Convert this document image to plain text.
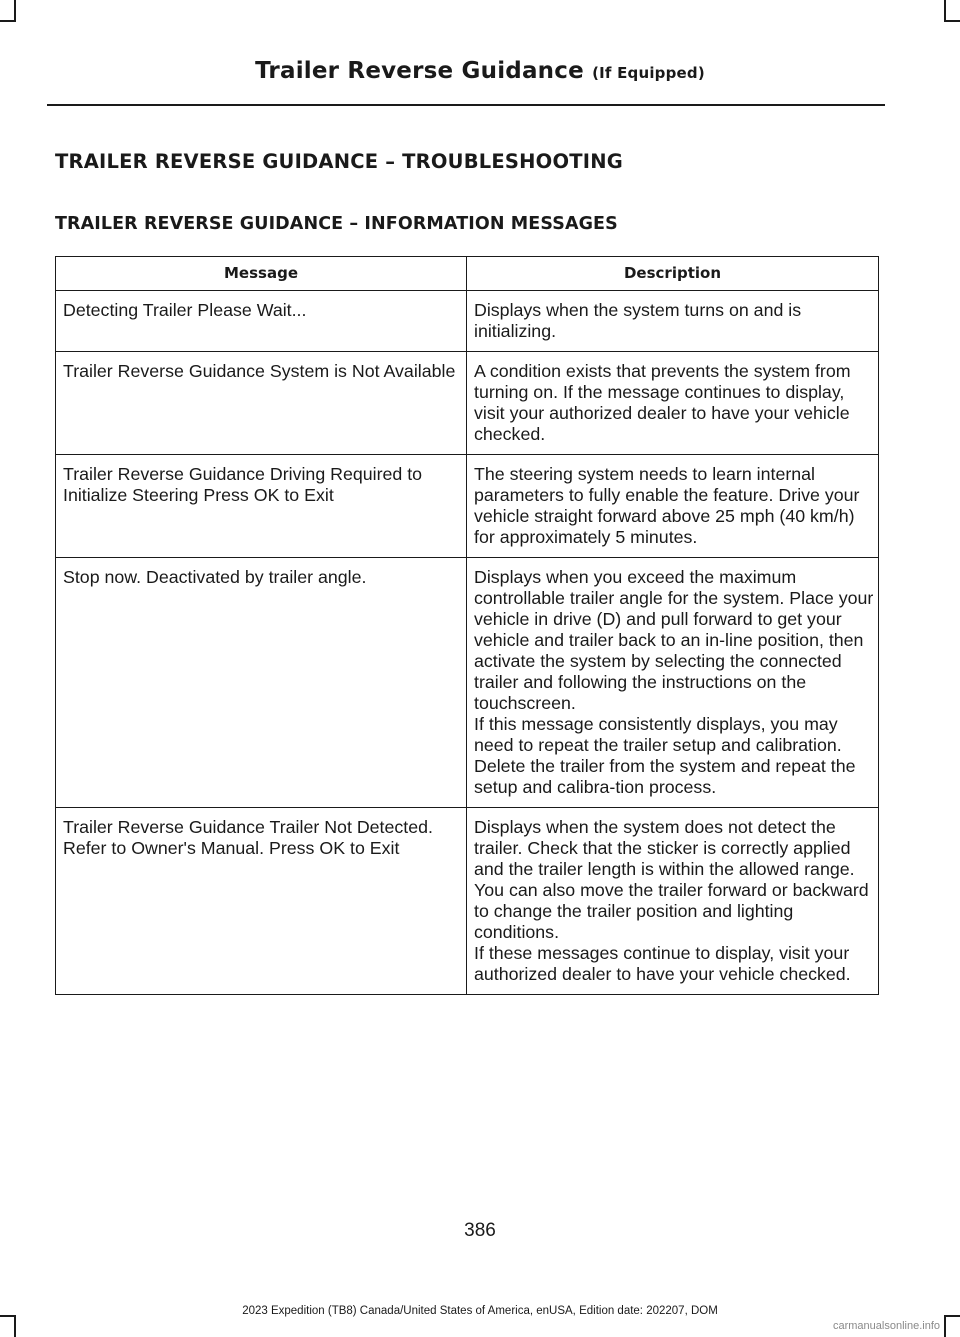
Trailer Reverse Guidance (If Equipped)
TRAILER REVERSE GUIDANCE – TROUBLESHOOTING
TRAILER REVERSE GUIDANCE – INFORMATION MESSAGES
Message	Description
Detecting Trailer Please Wait...	Displays when the system turns on and is initializing.

Trailer Reverse Guidance System is Not Available	A condition exists that prevents the system from turning on. If the message continues to display, visit your authorized dealer to have your vehicle checked.

Trailer Reverse Guidance Driving Required to Initialize Steering Press OK to Exit	The steering system needs to learn internal parameters to fully enable the feature. Drive your vehicle straight forward above 25 mph (40 km/h) for approximately 5 minutes.

Stop now. Deactivated by trailer angle.	Displays when you exceed the maximum controllable trailer angle for the system. Place your vehicle in drive (D) and pull forward to get your vehicle and trailer back to an in-line position, then activate the system by selecting the connected trailer and following the instructions on the touchscreen.
If this message consistently displays, you may need to repeat the trailer setup and calibration. Delete the trailer from the system and repeat the setup and calibra-tion process.

Trailer Reverse Guidance Trailer Not Detected. Refer to Owner's Manual. Press OK to Exit	Displays when the system does not detect the trailer. Check that the sticker is correctly applied and the trailer length is within the allowed range. You can also move the trailer forward or backward to change the trailer position and lighting conditions.
If these messages continue to display, visit your authorized dealer to have your vehicle checked.
386
2023 Expedition (TB8) Canada/United States of America, enUSA, Edition date: 202207, DOM
carmanualsonline.info
